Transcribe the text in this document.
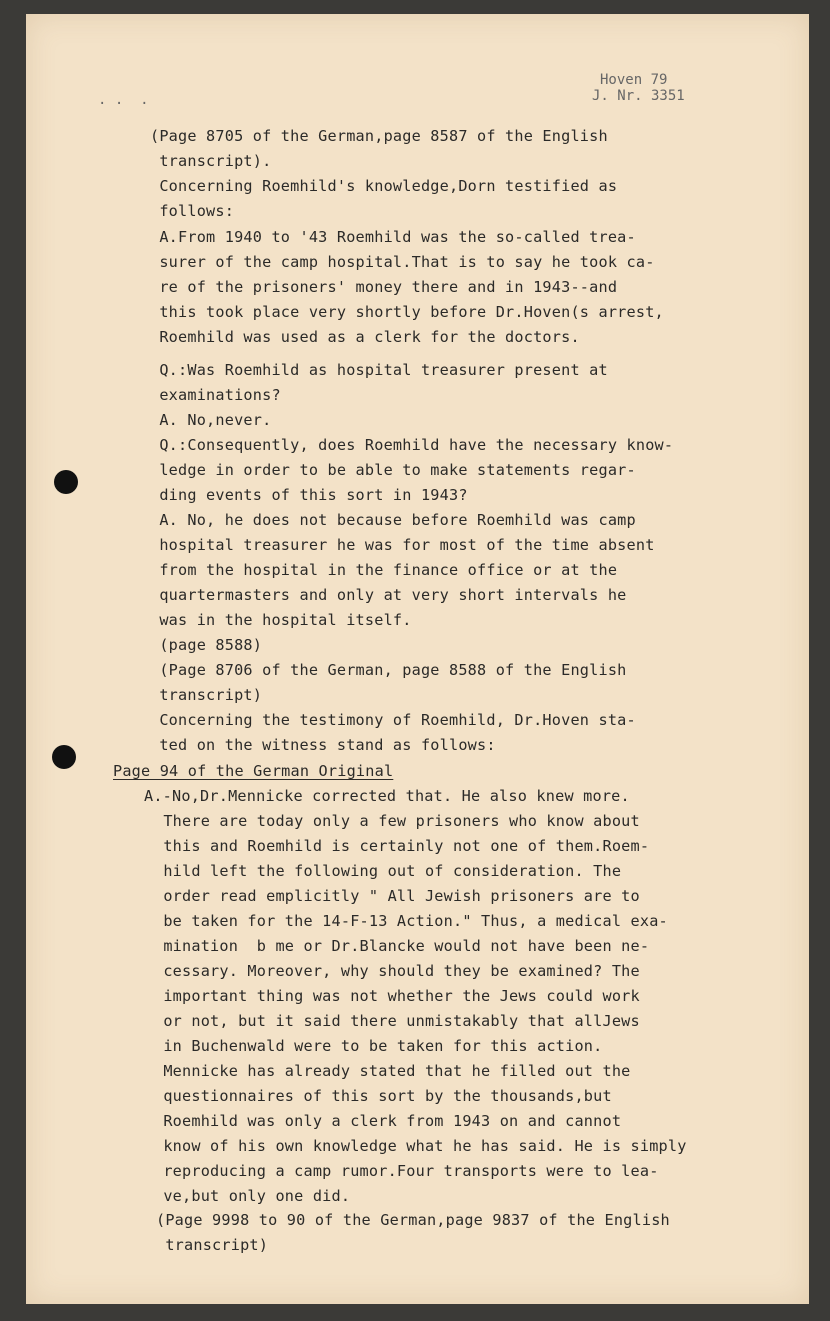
Hoven 79
J. Nr. 3351
. .  .
(Page 8705 of the German,page 8587 of the English
transcript).
Concerning Roemhild's knowledge,Dorn testified as
follows:
A.From 1940 to '43 Roemhild was the so-called trea-
surer of the camp hospital.That is to say he took ca-
re of the prisoners' money there and in 1943--and
this took place very shortly before Dr.Hoven(s arrest,
Roemhild was used as a clerk for the doctors.
Q.:Was Roemhild as hospital treasurer present at
examinations?
A. No,never.
Q.:Consequently, does Roemhild have the necessary know-
ledge in order to be able to make statements regar-
ding events of this sort in 1943?
A. No, he does not because before Roemhild was camp
hospital treasurer he was for most of the time absent
from the hospital in the finance office or at the
quartermasters and only at very short intervals he
was in the hospital itself.
(page 8588)
(Page 8706 of the German, page 8588 of the English
transcript)
Concerning the testimony of Roemhild, Dr.Hoven sta-
ted on the witness stand as follows:
Page 94 of the German Original
A.-No,Dr.Mennicke corrected that. He also knew more.
There are today only a few prisoners who know about
this and Roemhild is certainly not one of them.Roem-
hild left the following out of consideration. The
order read emplicitly " All Jewish prisoners are to
be taken for the 14-F-13 Action." Thus, a medical exa-
mination  b me or Dr.Blancke would not have been ne-
cessary. Moreover, why should they be examined? The
important thing was not whether the Jews could work
or not, but it said there unmistakably that allJews
in Buchenwald were to be taken for this action.
Mennicke has already stated that he filled out the
questionnaires of this sort by the thousands,but
Roemhild was only a clerk from 1943 on and cannot
know of his own knowledge what he has said. He is simply
reproducing a camp rumor.Four transports were to lea-
ve,but only one did.
(Page 9998 to 90 of the German,page 9837 of the English
transcript)
